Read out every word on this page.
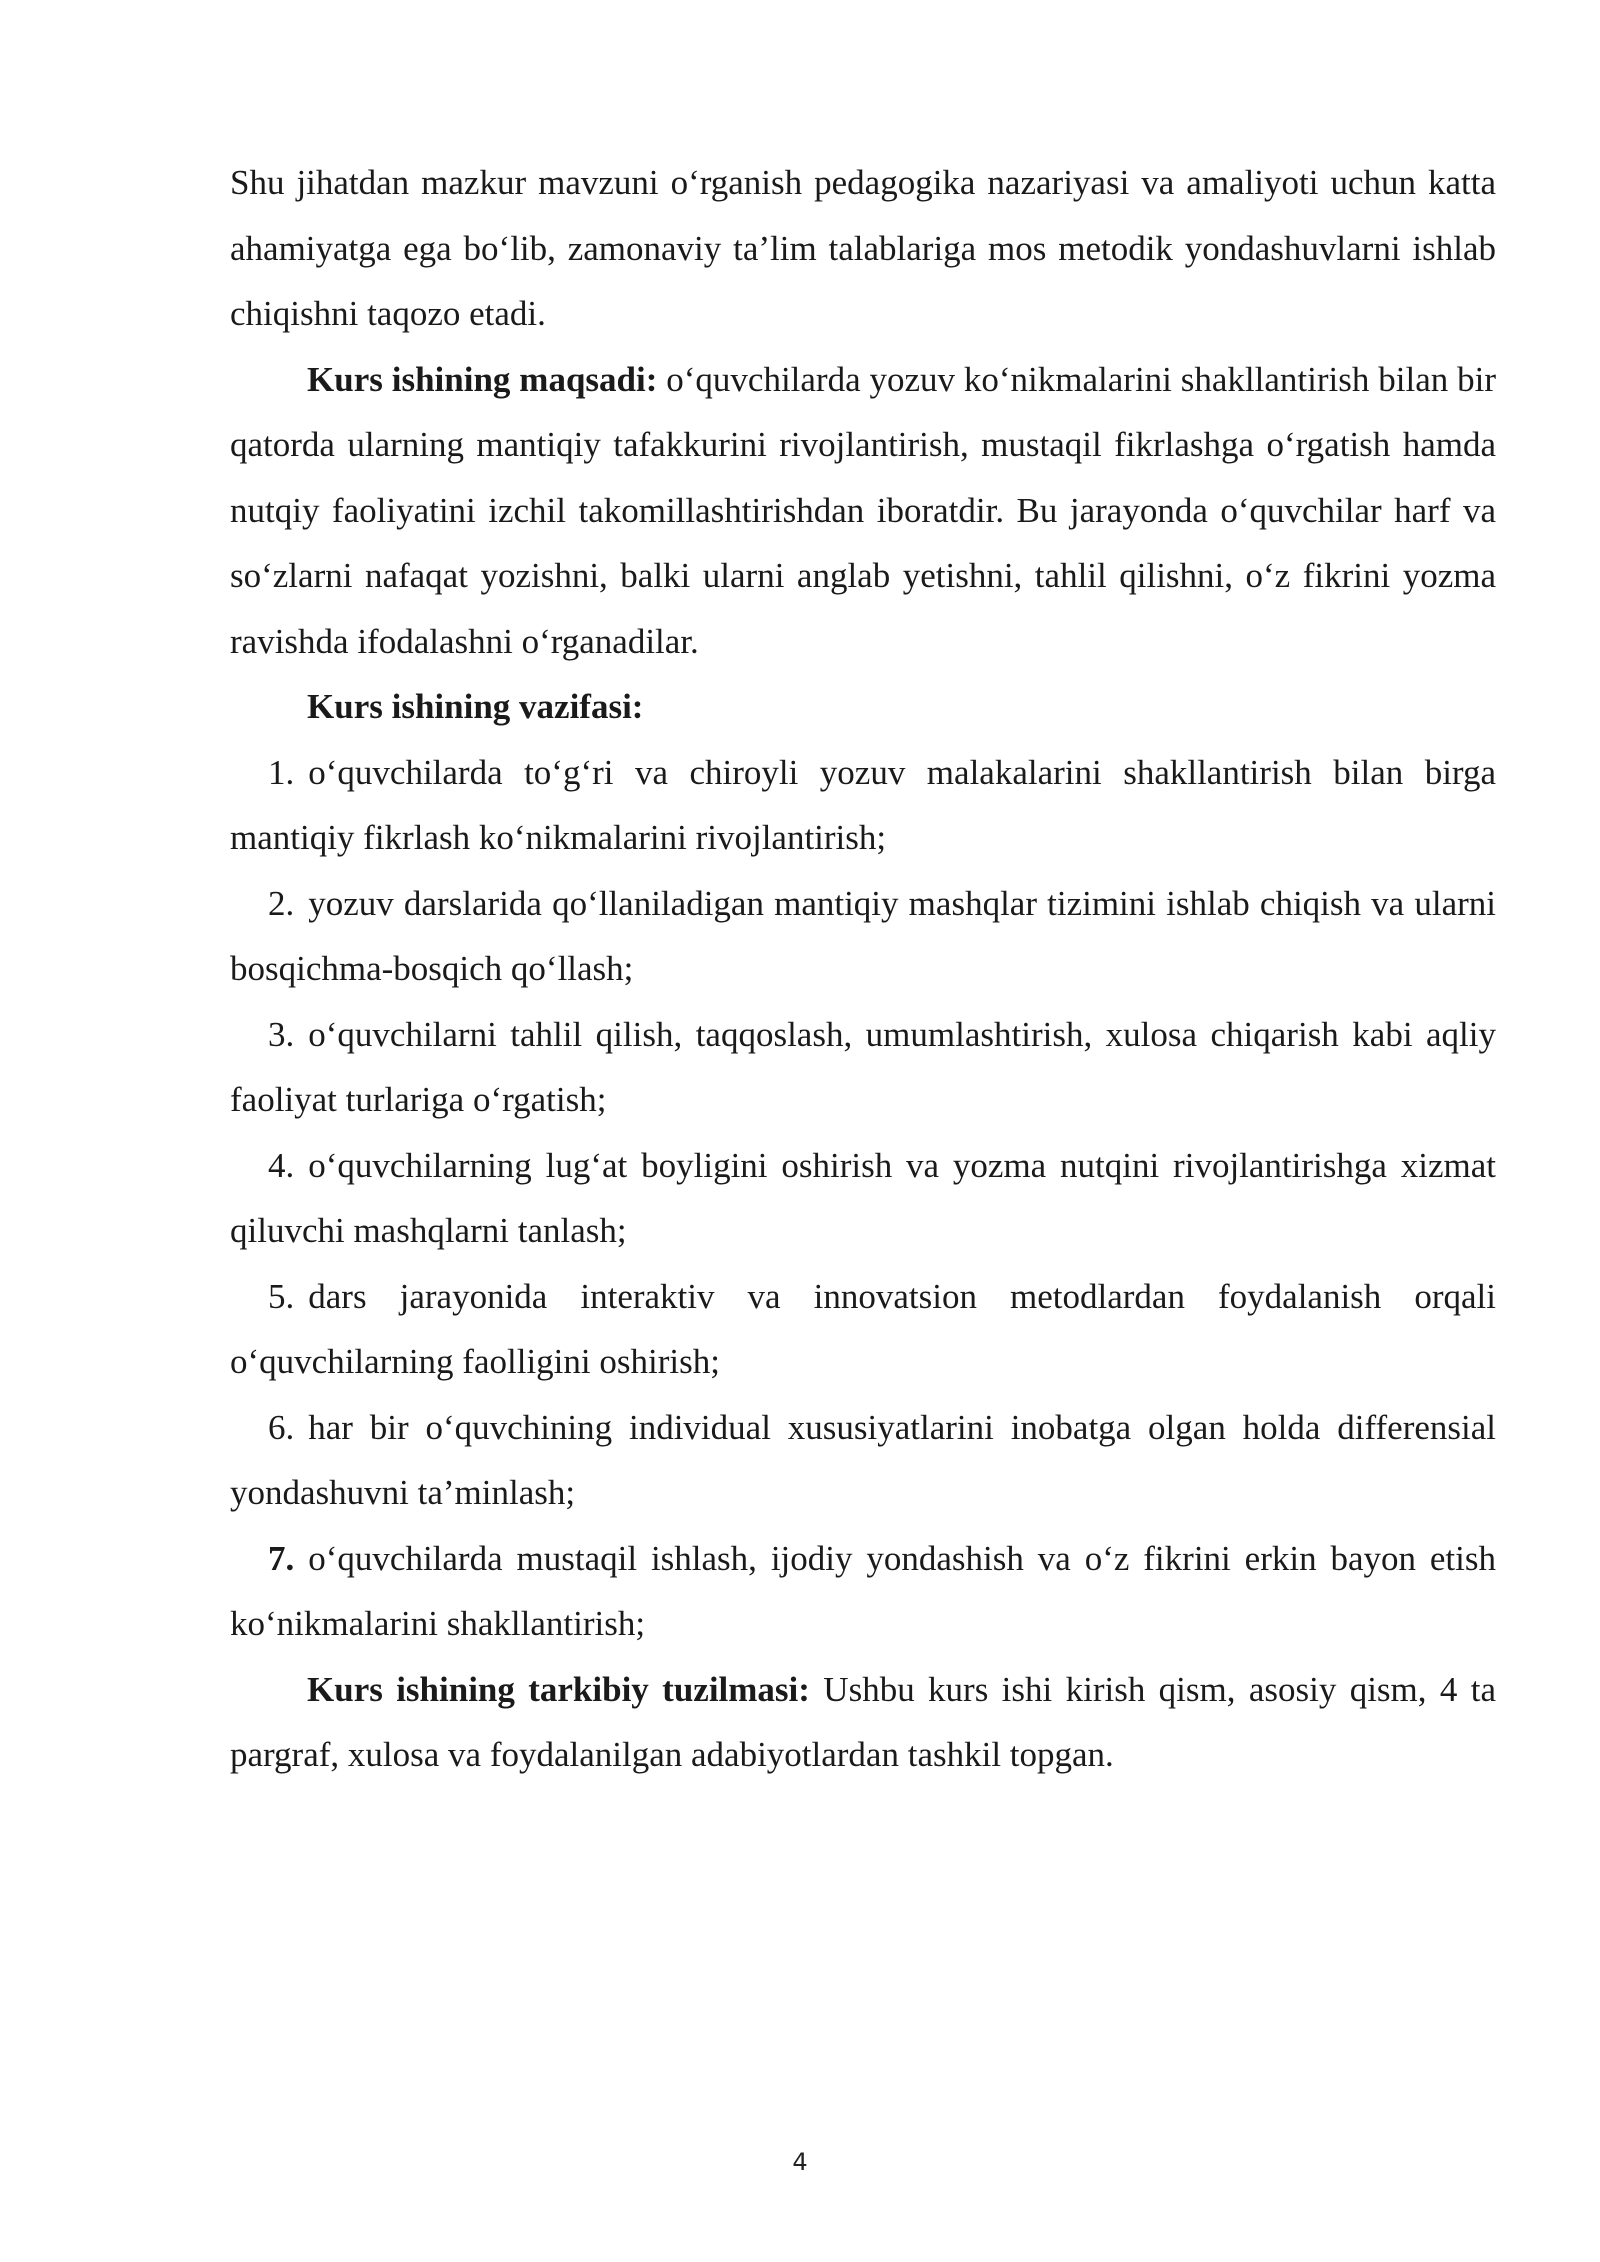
Shu jihatdan mazkur mavzuni o‘rganish pedagogika nazariyasi va amaliyoti uchun katta ahamiyatga ega bo‘lib, zamonaviy ta’lim talablariga mos metodik yondashuvlarni ishlab chiqishni taqozo etadi.

Kurs ishining maqsadi: o‘quvchilarda yozuv ko‘nikmalarini shakllantirish bilan bir qatorda ularning mantiqiy tafakkurini rivojlantirish, mustaqil fikrlashga o‘rgatish hamda nutqiy faoliyatini izchil takomillashtirishdan iboratdir. Bu jarayonda o‘quvchilar harf va so‘zlarni nafaqat yozishni, balki ularni anglab yetishni, tahlil qilishni, o‘z fikrini yozma ravishda ifodalashni o‘rganadilar.

Kurs ishining vazifasi:

1. o‘quvchilarda to‘g‘ri va chiroyli yozuv malakalarini shakllantirish bilan birga mantiqiy fikrlash ko‘nikmalarini rivojlantirish;

2. yozuv darslarida qo‘llaniladigan mantiqiy mashqlar tizimini ishlab chiqish va ularni bosqichma-bosqich qo‘llash;

3. o‘quvchilarni tahlil qilish, taqqoslash, umumlashtirish, xulosa chiqarish kabi aqliy faoliyat turlariga o‘rgatish;

4. o‘quvchilarning lug‘at boyligini oshirish va yozma nutqini rivojlantirishga xizmat qiluvchi mashqlarni tanlash;

5. dars jarayonida interaktiv va innovatsion metodlardan foydalanish orqali o‘quvchilarning faolligini oshirish;

6. har bir o‘quvchining individual xususiyatlarini inobatga olgan holda differensial yondashuvni ta’minlash;

7. o‘quvchilarda mustaqil ishlash, ijodiy yondashish va o‘z fikrini erkin bayon etish ko‘nikmalarini shakllantirish;

Kurs ishining tarkibiy tuzilmasi: Ushbu kurs ishi kirish qism, asosiy qism, 4 ta pargraf, xulosa va foydalanilgan adabiyotlardan tashkil topgan.

4
